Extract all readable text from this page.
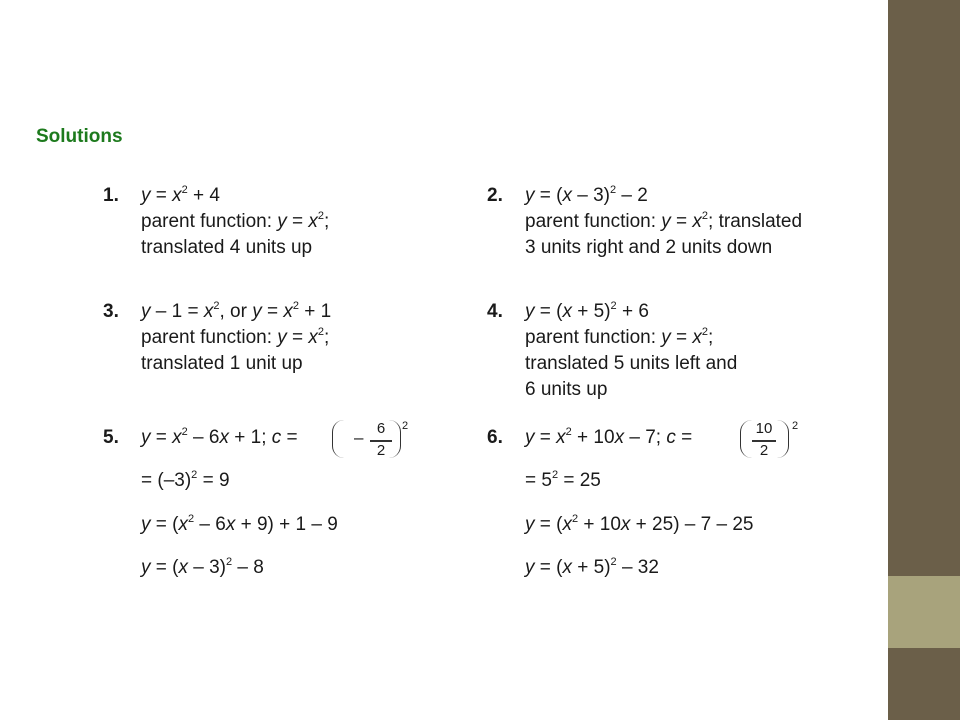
Solutions
1. $y = x^2 + 4$
parent function: $y = x^2$;
translated 4 units up
2. y = (x – 3)$^2$ – 2
parent function: $y = x^2$; translated
3 units right and 2 units down
3. $y - 1 = x^2$, or $y = x^2 + 1$
parent function: $y = x^2$;
translated 1 unit up
4. $y = (x + 5)^2 + 6$
parent function: $y = x^2$;
translated 5 units left and
6 units up
5. $y = x^2 - 6x + 1$; c =	6. $y = x^2 + 10x - 7$; c =
– 6
2
2	10
2
2
= $(-3)^2 = 9$
$y = (x^2 - 6x + 9) + 1 - 9$
y = (x – 3)$^2$ – 8
= $5^2 = 25$
$y = (x^2 + 10x + 25) - 7 - 25$
$y = (x + 5)^2 - 32$
